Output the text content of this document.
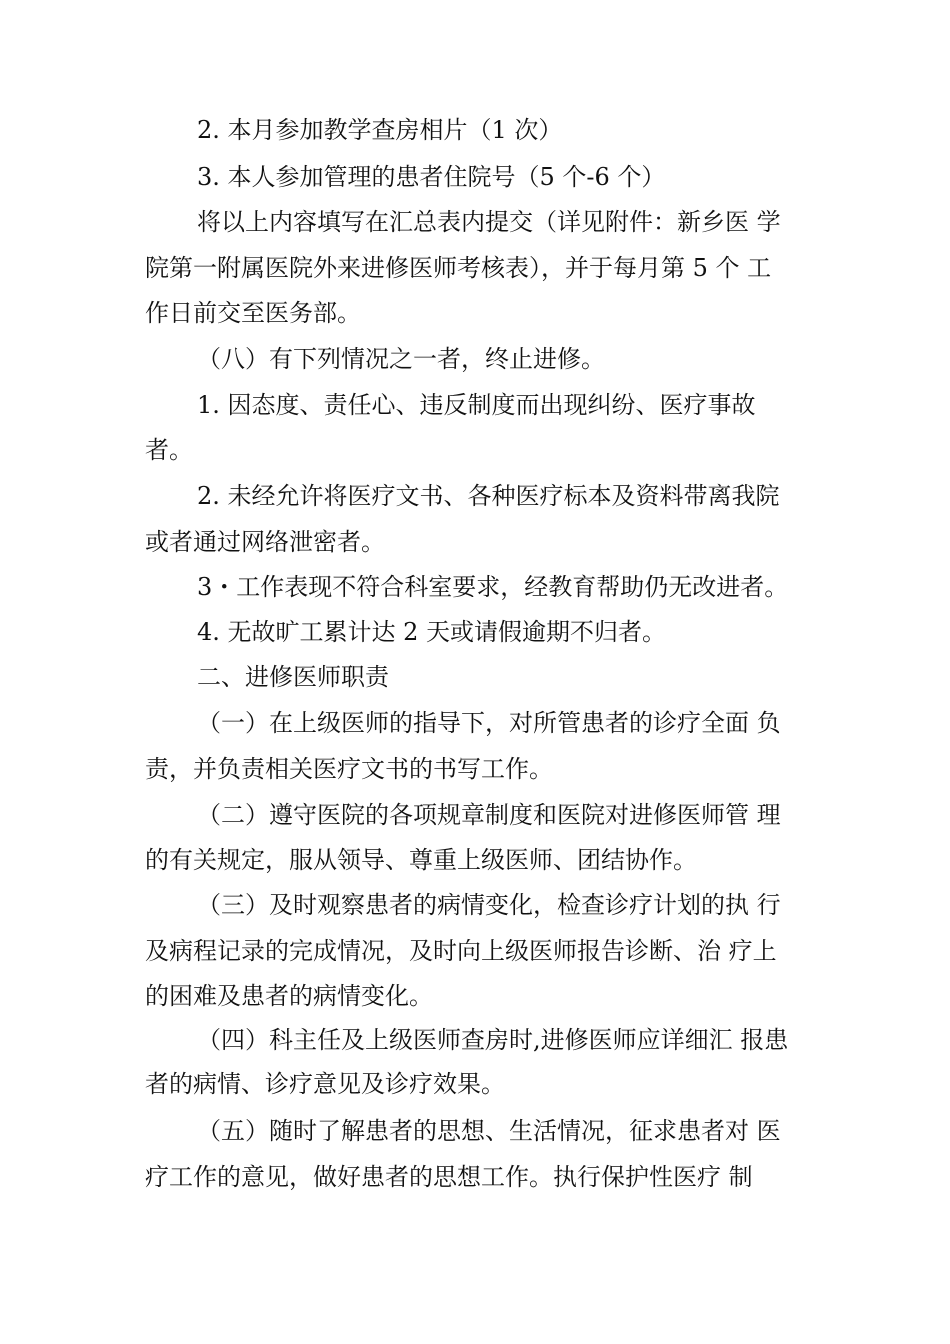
2. 本月参加教学查房相片（1 次）
3. 本人参加管理的患者住院号（5 个-6 个）
将以上内容填写在汇总表内提交（详见附件：新乡医 学
院第一附属医院外来进修医师考核表），并于每月第 5 个 工
作日前交至医务部。
（八）有下列情况之一者，终止进修。
1. 因态度、责任心、违反制度而出现纠纷、医疗事故
者。
2. 未经允许将医疗文书、各种医疗标本及资料带离我院
或者通过网络泄密者。
3・工作表现不符合科室要求，经教育帮助仍无改进者。
4. 无故旷工累计达 2 天或请假逾期不归者。
二、进修医师职责
（一）在上级医师的指导下，对所管患者的诊疗全面 负
责，并负责相关医疗文书的书写工作。
（二）遵守医院的各项规章制度和医院对进修医师管 理
的有关规定，服从领导、尊重上级医师、团结协作。
（三）及时观察患者的病情变化，检查诊疗计划的执 行
及病程记录的完成情况，及时向上级医师报告诊断、治 疗上
的困难及患者的病情变化。
（四）科主任及上级医师查房时,进修医师应详细汇 报患
者的病情、诊疗意见及诊疗效果。
（五）随时了解患者的思想、生活情况，征求患者对 医
疗工作的意见，做好患者的思想工作。执行保护性医疗 制
